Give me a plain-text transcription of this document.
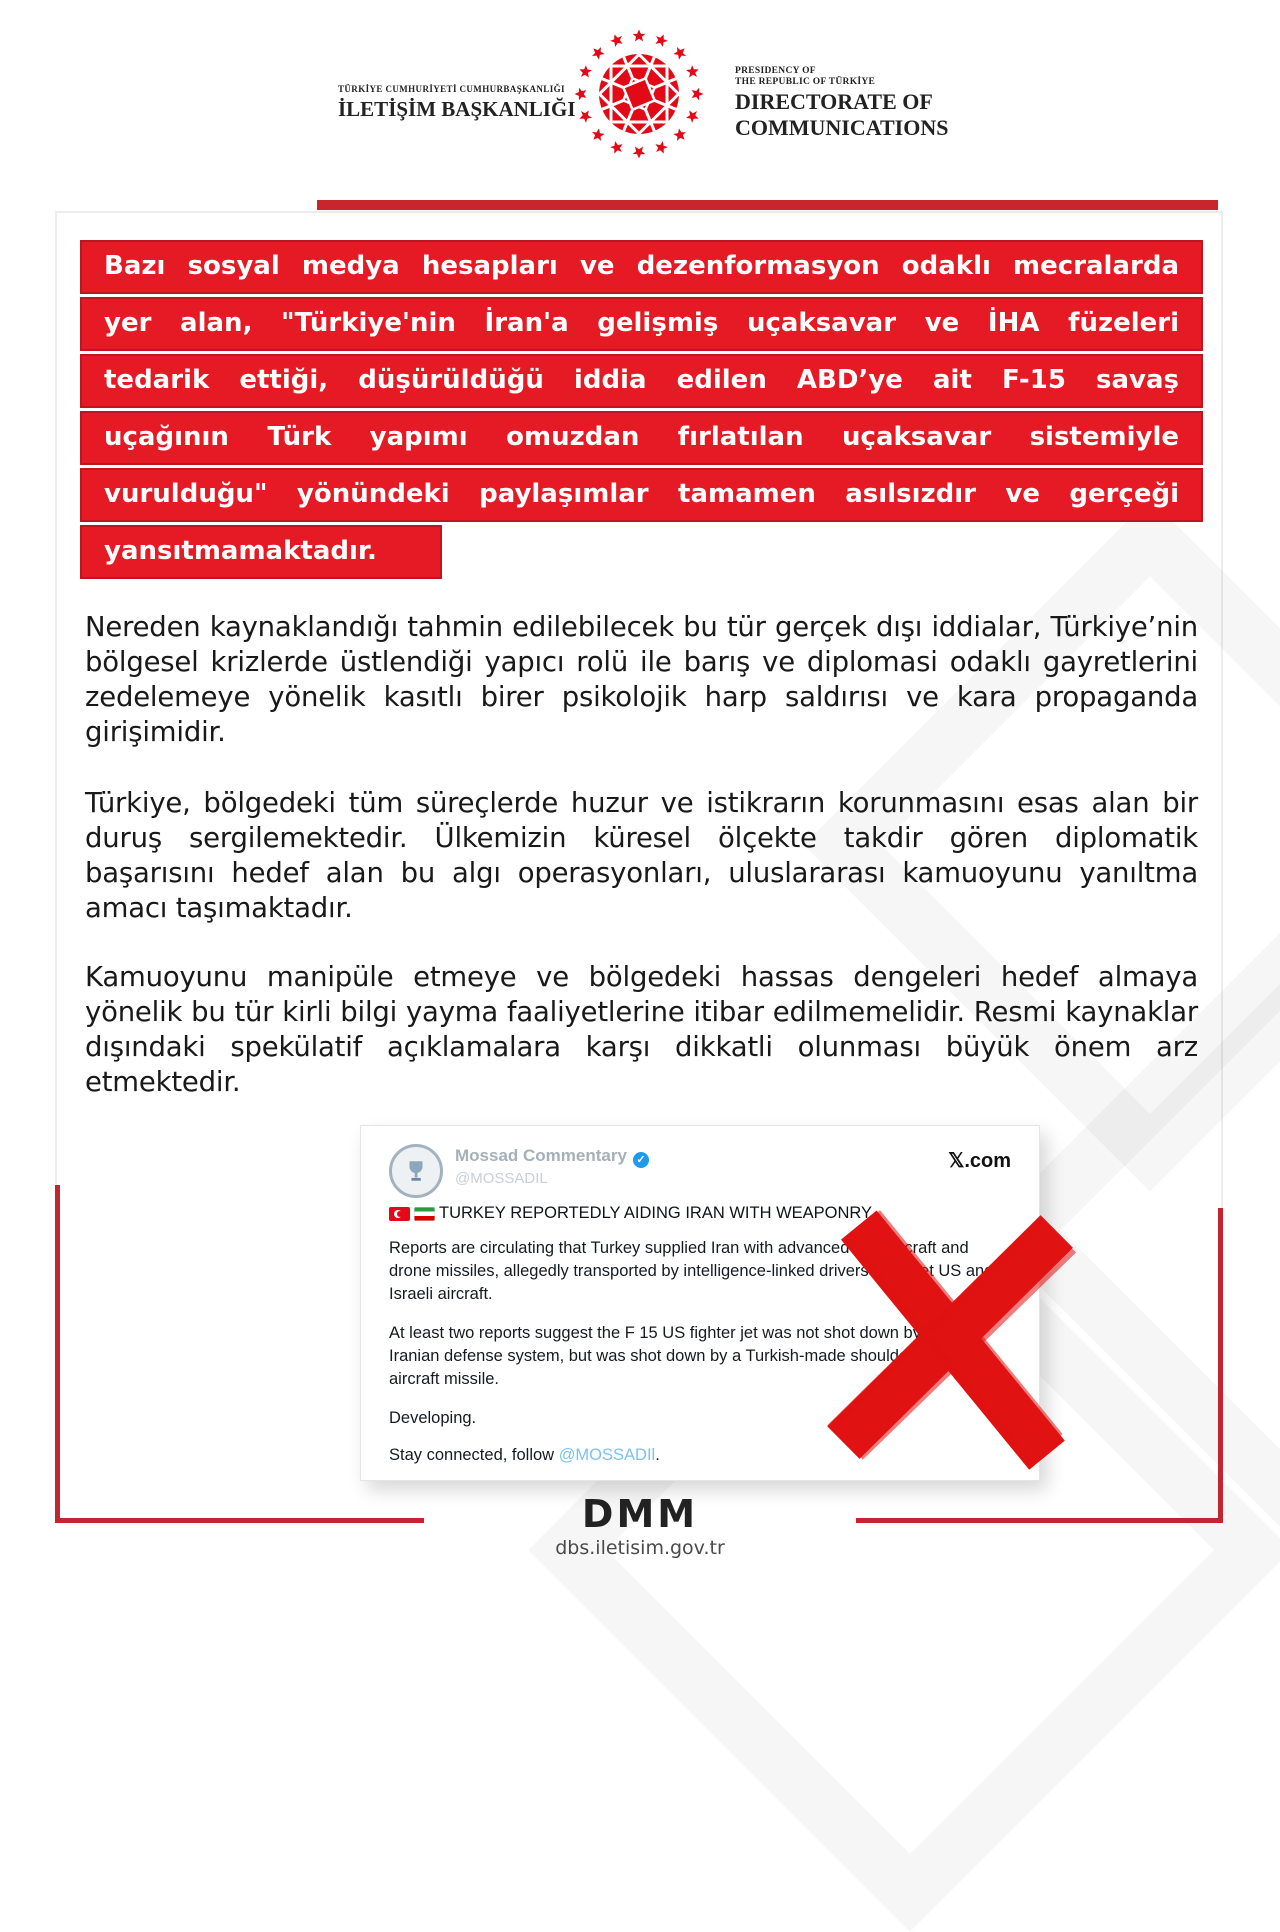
TÜRKİYE CUMHURİYETİ CUMHURBAŞKANLIĞI
İLETİŞİM BAŞKANLIĞI
PRESIDENCY OF
THE REPUBLIC OF TÜRKİYE
DIRECTORATE OF
COMMUNICATIONS
Bazı sosyal medya hesapları ve dezenformasyon odaklı mecralarda
yer alan, "Türkiye'nin İran'a gelişmiş uçaksavar ve İHA füzeleri
tedarik ettiği, düşürüldüğü iddia edilen ABD’ye ait F-15 savaş
uçağının Türk yapımı omuzdan fırlatılan uçaksavar sistemiyle
vurulduğu" yönündeki paylaşımlar tamamen asılsızdır ve gerçeği
yansıtmamaktadır.
Nereden kaynaklandığı tahmin edilebilecek bu tür gerçek dışı iddialar, Türkiye’nin bölgesel krizlerde üstlendiği yapıcı rolü ile barış ve diplomasi odaklı gayretlerini zedelemeye yönelik kasıtlı birer psikolojik harp saldırısı ve kara propaganda girişimidir.
Türkiye, bölgedeki tüm süreçlerde huzur ve istikrarın korunmasını esas alan bir duruş sergilemektedir. Ülkemizin küresel ölçekte takdir gören diplomatik başarısını hedef alan bu algı operasyonları, uluslararası kamuoyunu yanıltma amacı taşımaktadır.
Kamuoyunu manipüle etmeye ve bölgedeki hassas dengeleri hedef almaya yönelik bu tür kirli bilgi yayma faaliyetlerine itibar edilmemelidir. Resmi kaynaklar dışındaki spekülatif açıklamalara karşı dikkatli olunması büyük önem arz etmektedir.
Mossad Commentary ✓
@MOSSADIL
𝕏.com
TURKEY REPORTEDLY AIDING IRAN WITH WEAPONRY
Reports are circulating that Turkey supplied Iran with advanced anti-aircraft and drone missiles, allegedly transported by intelligence-linked drivers to target US and Israeli aircraft.
At least two reports suggest the F 15 US fighter jet was not shot down by the Iranian defense system, but was shot down by a Turkish-made shoulder-fired anti-aircraft missile.
Developing.
Stay connected, follow @MOSSADIl.
DMM
dbs.iletisim.gov.tr
